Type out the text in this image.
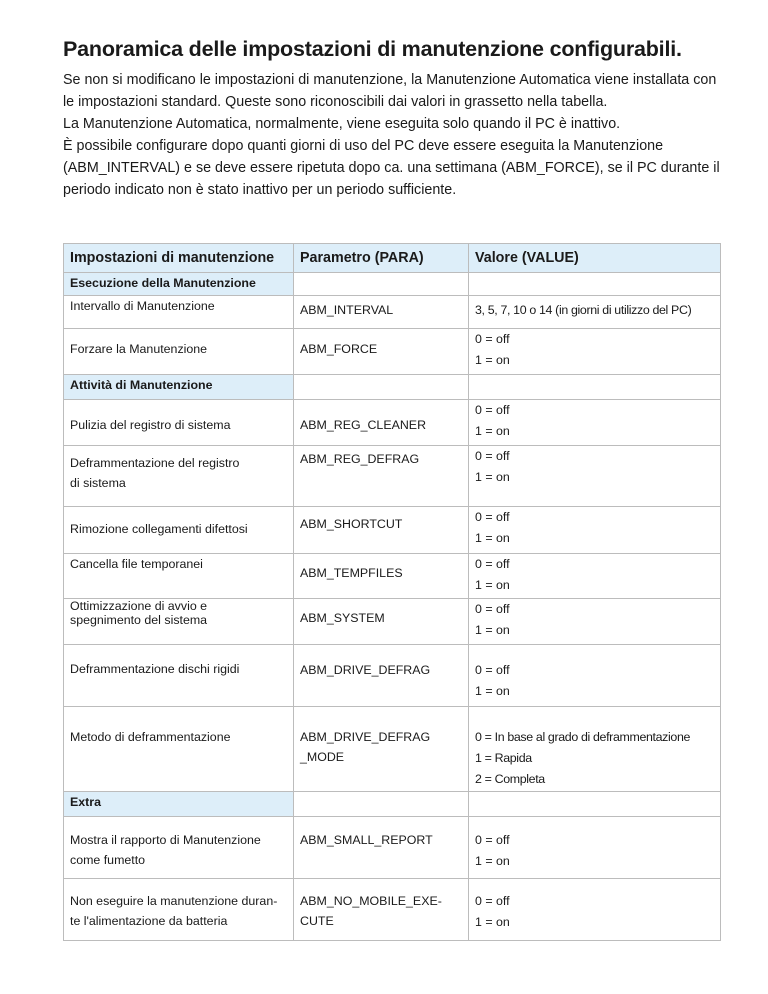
Panoramica delle impostazioni di manutenzione configurabili.

Se non si modificano le impostazioni di manutenzione, la Manutenzione Automatica viene installata con le impostazioni standard. Queste sono riconoscibili dai valori in grassetto nella tabella.

La Manutenzione Automatica, normalmente, viene eseguita solo quando il PC è inattivo.

È possibile configurare dopo quanti giorni di uso del PC deve essere eseguita la Manutenzione (ABM_INTERVAL) e se deve essere ripetuta dopo ca. una settimana (ABM_FORCE), se il PC durante il periodo indicato non è stato inattivo per un periodo sufficiente.

Impostazioni di manutenzione	Parametro (PARA)	Valore (VALUE)
Esecuzione della Manutenzione		

Intervallo di Manutenzione	ABM_INTERVAL	3, 5, 7, 10 o 14 (in giorni di utilizzo del PC)

Forzare la Manutenzione	ABM_FORCE	0 = off
1 = on

Attività di Manutenzione		

Pulizia del registro di sistema	ABM_REG_CLEANER	0 = off
1 = on

Deframmentazione del registro
di sistema	ABM_REG_DEFRAG	0 = off
1 = on

Rimozione collegamenti difettosi	ABM_SHORTCUT	0 = off
1 = on

Cancella file temporanei	ABM_TEMPFILES	0 = off
1 = on

Ottimizzazione di avvio e
spegnimento del sistema	ABM_SYSTEM	0 = off
1 = on

Deframmentazione dischi rigidi	ABM_DRIVE_DEFRAG	0 = off
1 = on

Metodo di deframmentazione	ABM_DRIVE_DEFRAG
_MODE	0 = In base al grado di deframmentazione
1 = Rapida
2 = Completa

Extra		

Mostra il rapporto di Manutenzione
come fumetto	ABM_SMALL_REPORT	0 = off
1 = on

Non eseguire la manutenzione duran-
te l'alimentazione da batteria	ABM_NO_MOBILE_EXE-
CUTE	0 = off
1 = on
